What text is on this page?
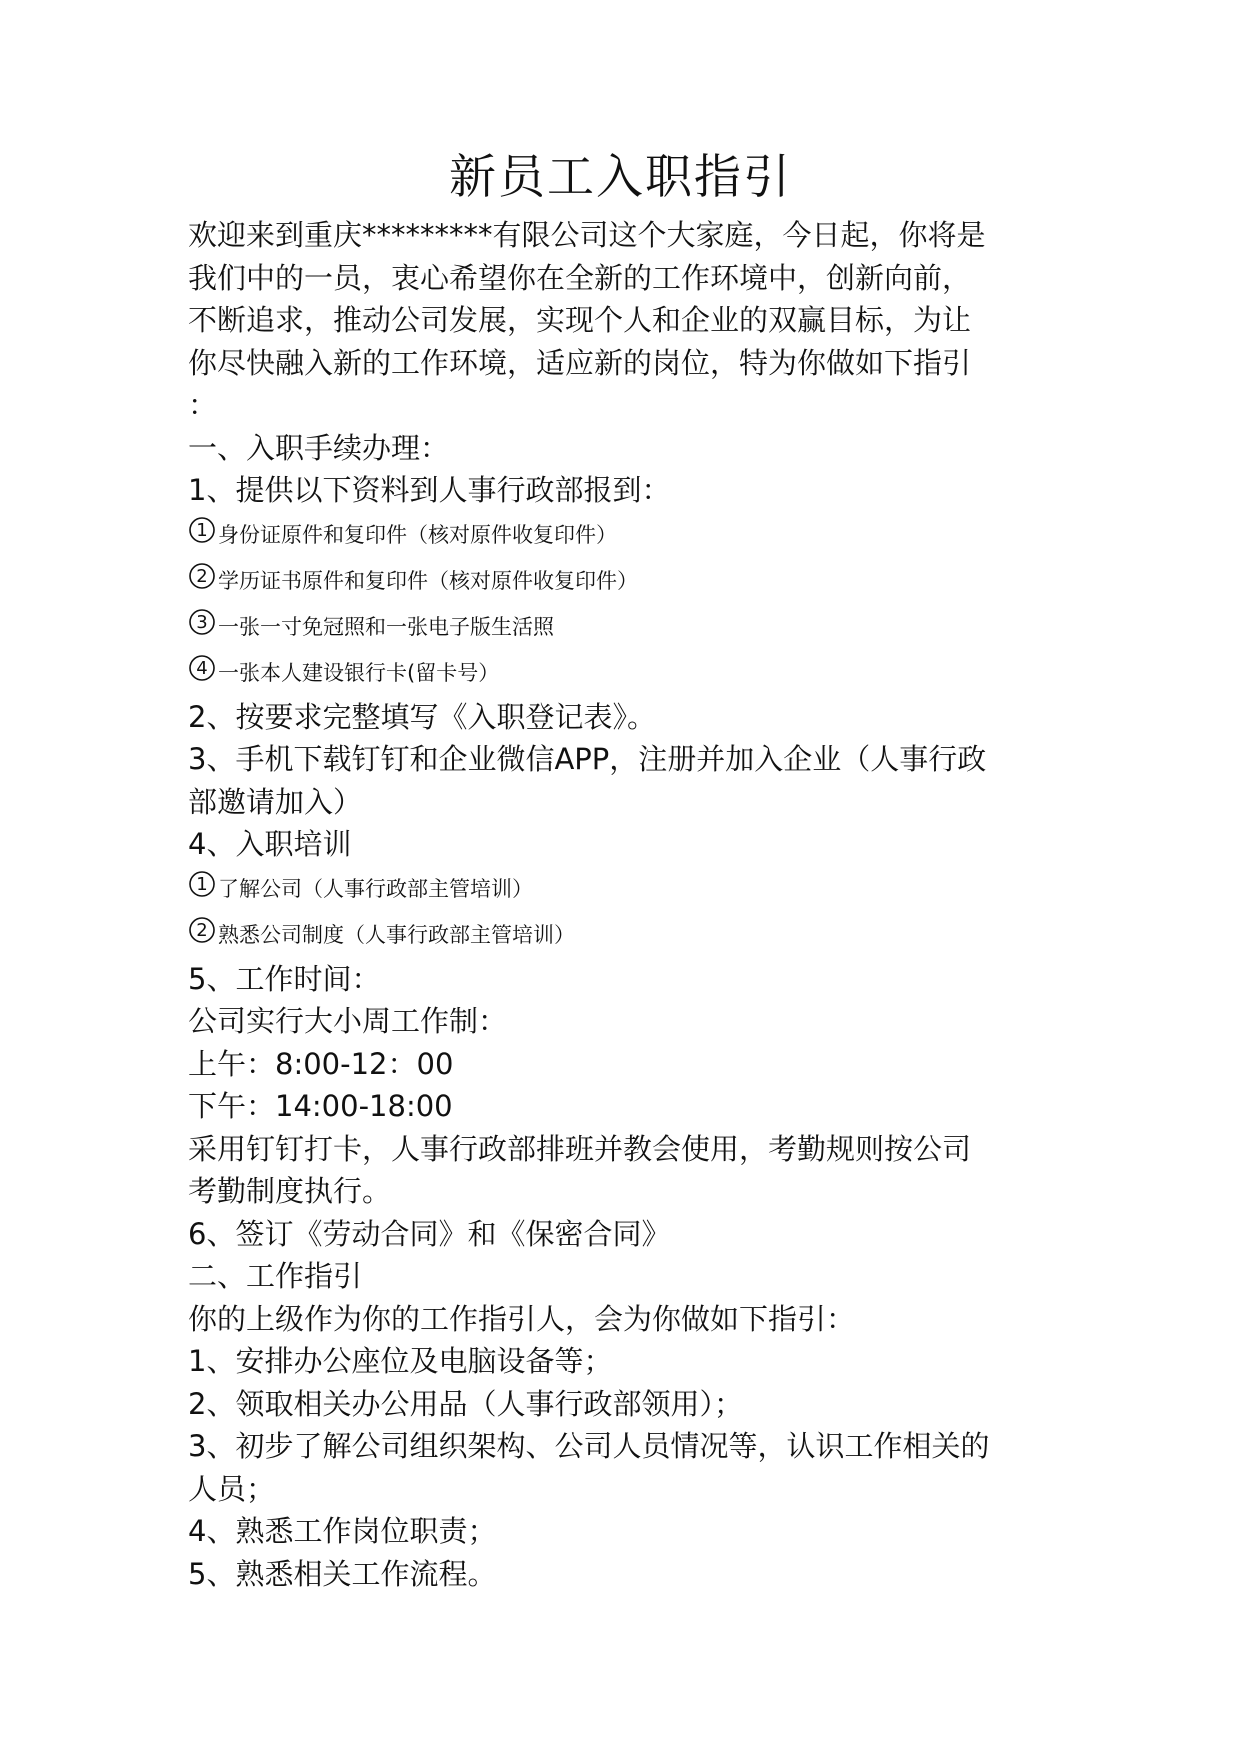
新员工入职指引
欢迎来到重庆*********有限公司这个大家庭，今日起，你将是
我们中的一员，衷心希望你在全新的工作环境中，创新向前，
不断追求，推动公司发展，实现个人和企业的双赢目标，为让
你尽快融入新的工作环境，适应新的岗位，特为你做如下指引
：
一、入职手续办理：
1、提供以下资料到人事行政部报到：
1 身份证原件和复印件（核对原件收复印件）
2 学历证书原件和复印件（核对原件收复印件）
3 一张一寸免冠照和一张电子版生活照
4 一张本人建设银行卡(留卡号）
2、按要求完整填写《入职登记表》。
3、手机下载钉钉和企业微信APP，注册并加入企业（人事行政
部邀请加入）
4、入职培训
1 了解公司（人事行政部主管培训）
2 熟悉公司制度（人事行政部主管培训）
5、工作时间：
公司实行大小周工作制：
上午：8:00-12：00
下午：14:00-18:00
采用钉钉打卡，人事行政部排班并教会使用，考勤规则按公司
考勤制度执行。
6、签订《劳动合同》和《保密合同》
二、工作指引
你的上级作为你的工作指引人，会为你做如下指引：
1、安排办公座位及电脑设备等；
2、领取相关办公用品（人事行政部领用）；
3、初步了解公司组织架构、公司人员情况等，认识工作相关的
人员；
4、熟悉工作岗位职责；
5、熟悉相关工作流程。
